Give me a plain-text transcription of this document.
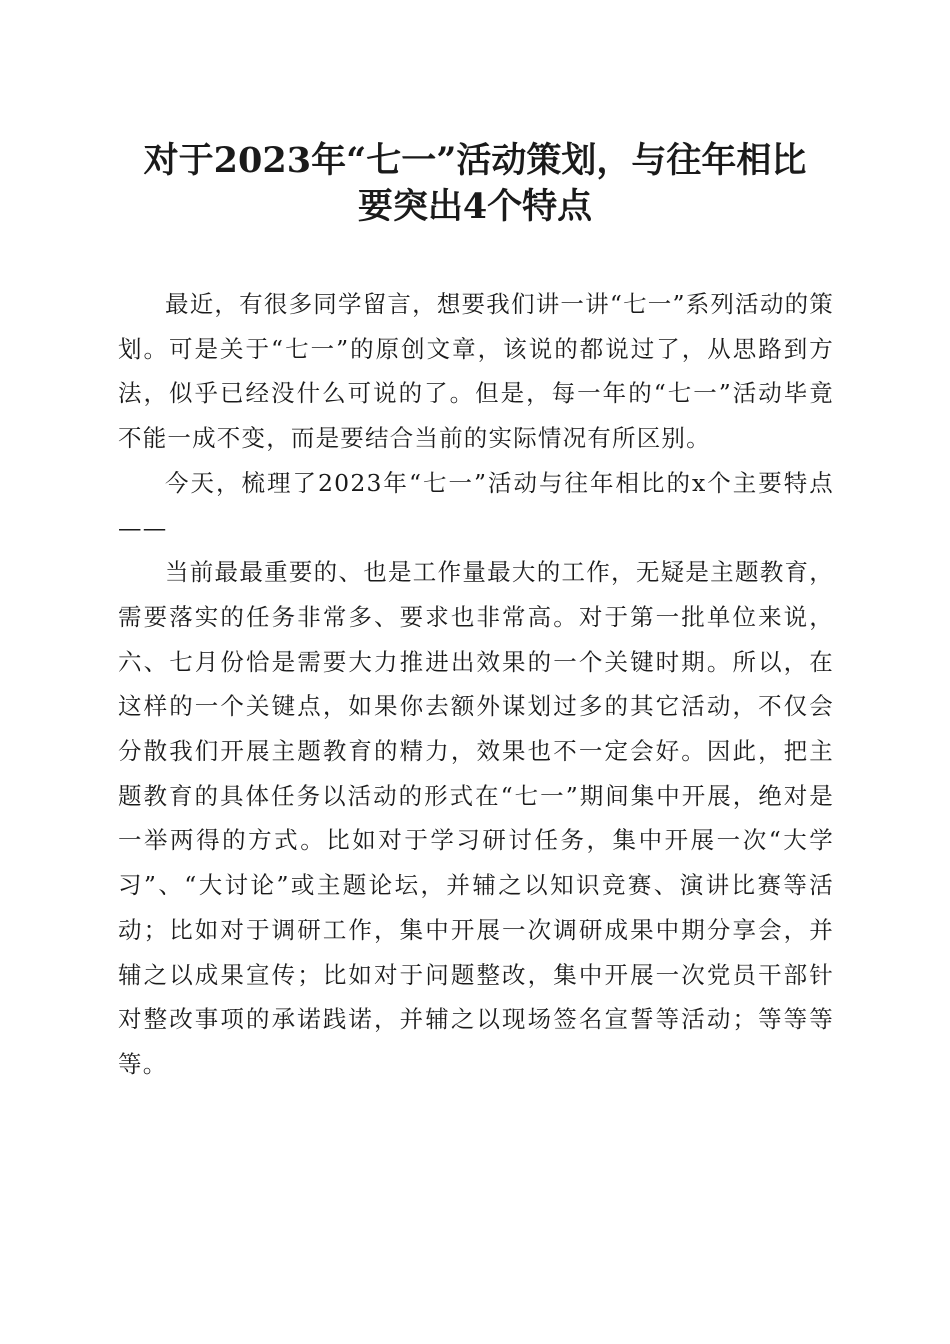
对于2023年“七一”活动策划，与往年相比
要突出4个特点

最近，有很多同学留言，想要我们讲一讲“七一”系列活动的策划。可是关于“七一”的原创文章，该说的都说过了，从思路到方法，似乎已经没什么可说的了。但是，每一年的“七一”活动毕竟不能一成不变，而是要结合当前的实际情况有所区别。

今天，梳理了2023年“七一”活动与往年相比的x个主要特点——

当前最最重要的、也是工作量最大的工作，无疑是主题教育，需要落实的任务非常多、要求也非常高。对于第一批单位来说，六、七月份恰是需要大力推进出效果的一个关键时期。所以，在这样的一个关键点，如果你去额外谋划过多的其它活动，不仅会分散我们开展主题教育的精力，效果也不一定会好。因此，把主题教育的具体任务以活动的形式在“七一”期间集中开展，绝对是一举两得的方式。比如对于学习研讨任务，集中开展一次“大学习”、“大讨论”或主题论坛，并辅之以知识竞赛、演讲比赛等活动；比如对于调研工作，集中开展一次调研成果中期分享会，并辅之以成果宣传；比如对于问题整改，集中开展一次党员干部针对整改事项的承诺践诺，并辅之以现场签名宣誓等活动；等等等等。
